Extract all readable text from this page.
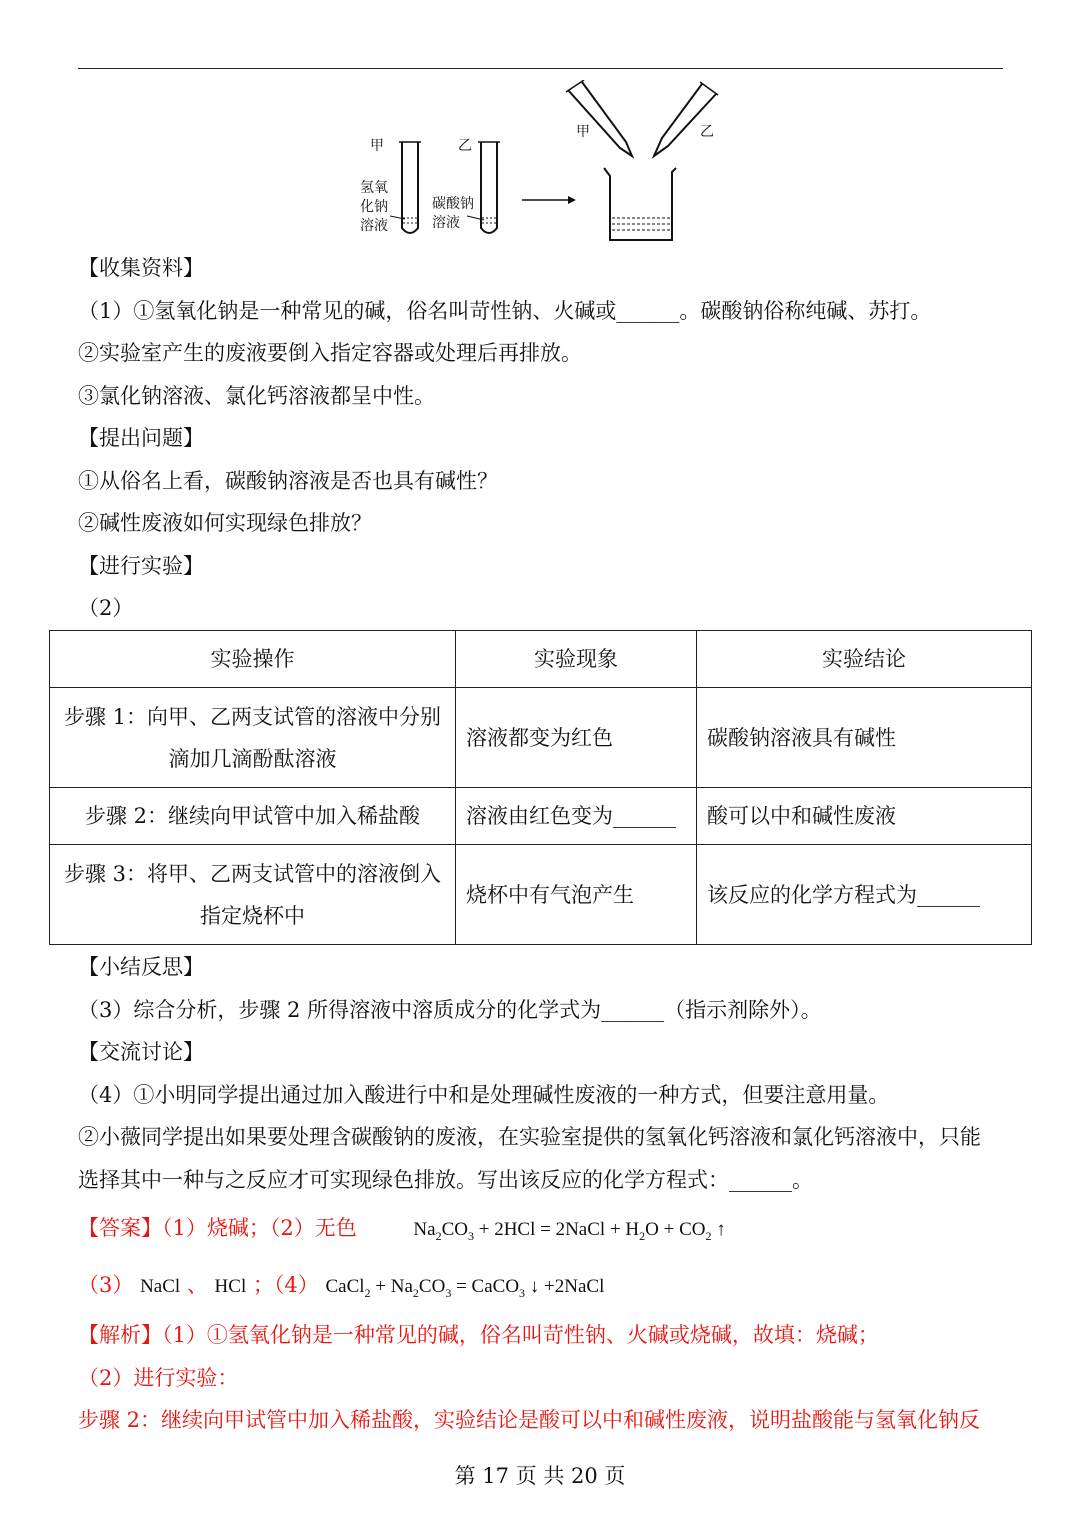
甲	乙
氢氧
化钠
溶液
碳酸钠
溶液
甲	乙
【收集资料】
（1）①氢氧化钠是一种常见的碱，俗名叫苛性钠、火碱或______。碳酸钠俗称纯碱、苏打。
②实验室产生的废液要倒入指定容器或处理后再排放。
③氯化钠溶液、氯化钙溶液都呈中性。
【提出问题】
①从俗名上看，碳酸钠溶液是否也具有碱性？
②碱性废液如何实现绿色排放？
【进行实验】
（2）
实验操作	实验现象	实验结论

步骤 1：向甲、乙两支试管的溶液中分别
滴加几滴酚酞溶液	溶液都变为红色	碳酸钠溶液具有碱性
步骤 2：继续向甲试管中加入稀盐酸	溶液由红色变为______	酸可以中和碱性废液

步骤 3：将甲、乙两支试管中的溶液倒入
指定烧杯中	烧杯中有气泡产生	该反应的化学方程式为______
【小结反思】
（3）综合分析，步骤 2 所得溶液中溶质成分的化学式为______（指示剂除外）。
【交流讨论】
（4）①小明同学提出通过加入酸进行中和是处理碱性废液的一种方式，但要注意用量。
②小薇同学提出如果要处理含碳酸钠的废液，在实验室提供的氢氧化钙溶液和氯化钙溶液中，只能
选择其中一种与之反应才可实现绿色排放。写出该反应的化学方程式：______。
【答案】（1）烧碱；（2）无色	$Na_2CO_3 + 2HCl$ = 2NaCl + $H_2O + CO_2$ ↑
（3） NaCl 、 HCl ；（4） CaCl$_2$ + $Na_2CO_3$ = CaCO$_3$ ↓ +2NaCl
【解析】（1）①氢氧化钠是一种常见的碱，俗名叫苛性钠、火碱或烧碱，故填：烧碱；
（2）进行实验：
步骤 2：继续向甲试管中加入稀盐酸，实验结论是酸可以中和碱性废液，说明盐酸能与氢氧化钠反
第 17 页 共 20 页
